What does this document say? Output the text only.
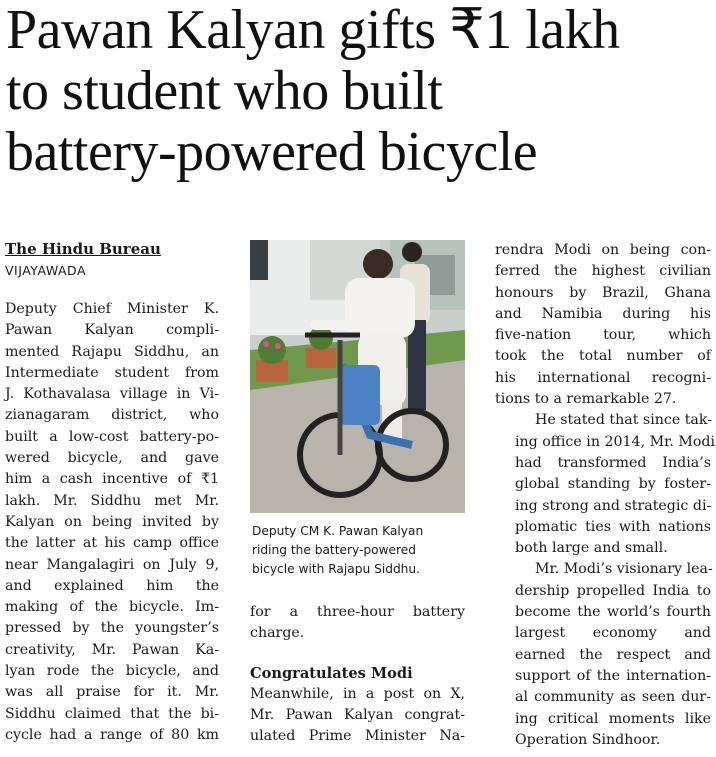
Pawan Kalyan gifts ₹1 lakh
to student who built
battery-powered bicycle

The Hindu Bureau

VIJAYAWADA

Deputy Chief Minister K.
Pawan Kalyan compli-
mented Rajapu Siddhu, an
Intermediate student from
J. Kothavalasa village in Vi-
zianagaram district, who
built a low-cost battery-po-
wered bicycle, and gave
him a cash incentive of ₹1
lakh. Mr. Siddhu met Mr.
Kalyan on being invited by
the latter at his camp office
near Mangalagiri on July 9,
and explained him the
making of the bicycle. Im-
pressed by the youngster’s
creativity, Mr. Pawan Ka-
lyan rode the bicycle, and
was all praise for it. Mr.
Siddhu claimed that the bi-
cycle had a range of 80 km

Deputy CM K. Pawan Kalyan
riding the battery-powered
bicycle with Rajapu Siddhu.

for a three-hour battery
charge.

Congratulates Modi

Meanwhile, in a post on X,
Mr. Pawan Kalyan congrat-
ulated Prime Minister Na-

rendra Modi on being con-
ferred the highest civilian
honours by Brazil, Ghana
and Namibia during his
five-nation tour, which
took the total number of
his international recogni-
tions to a remarkable 27.

He stated that since tak-
ing office in 2014, Mr. Modi
had transformed India’s
global standing by foster-
ing strong and strategic di-
plomatic ties with nations
both large and small.

Mr. Modi’s visionary lea-
dership propelled India to
become the world’s fourth
largest economy and
earned the respect and
support of the internation-
al community as seen dur-
ing critical moments like
Operation Sindhoor.
